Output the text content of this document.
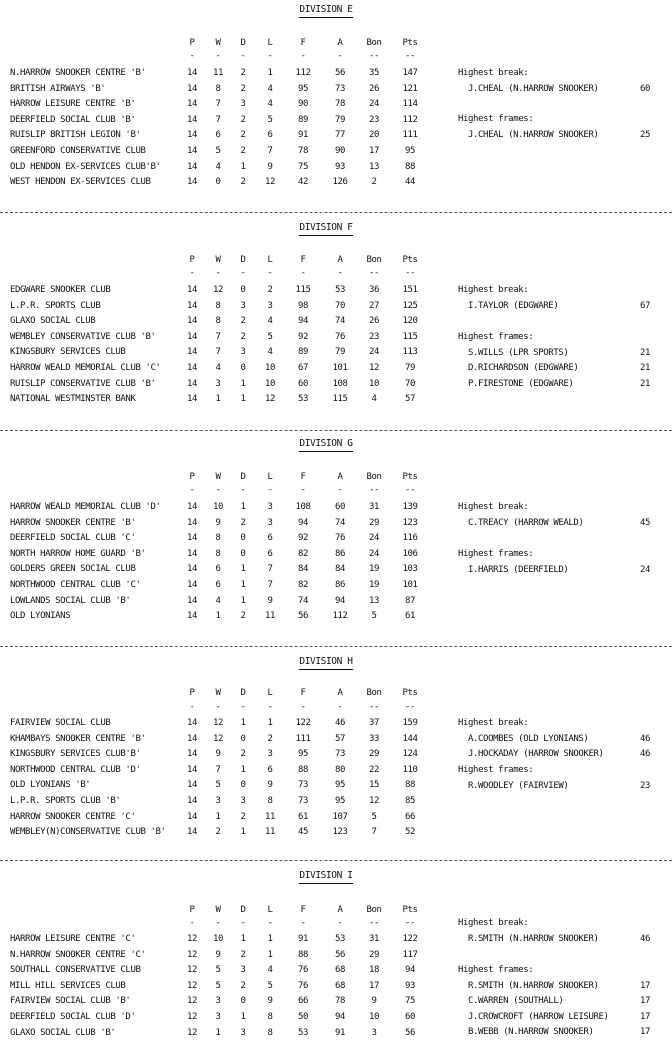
DIVISION E
P	W	D	L	F	A	Bon	Pts
-	-	-	-	-	-	--	--
N.HARROW SNOOKER CENTRE 'B'	14	11	2	1	112	56	35	147
BRITISH AIRWAYS 'B'	14	8	2	4	95	73	26	121
HARROW LEISURE CENTRE 'B'	14	7	3	4	90	78	24	114
DEERFIELD SOCIAL CLUB 'B'	14	7	2	5	89	79	23	112
RUISLIP BRITISH LEGION 'B'	14	6	2	6	91	77	20	111
GREENFORD CONSERVATIVE CLUB	14	5	2	7	78	90	17	95
OLD HENDON EX-SERVICES CLUB'B'	14	4	1	9	75	93	13	88
WEST HENDON EX-SERVICES CLUB	14	0	2	12	42	126	2	44
Highest break:
J.CHEAL (N.HARROW SNOOKER)	60
Highest frames:
J.CHEAL (N.HARROW SNOOKER)	25
DIVISION F
P	W	D	L	F	A	Bon	Pts
-	-	-	-	-	-	--	--
EDGWARE SNOOKER CLUB	14	12	0	2	115	53	36	151
L.P.R. SPORTS CLUB	14	8	3	3	98	70	27	125
GLAXO SOCIAL CLUB	14	8	2	4	94	74	26	120
WEMBLEY CONSERVATIVE CLUB 'B'	14	7	2	5	92	76	23	115
KINGSBURY SERVICES CLUB	14	7	3	4	89	79	24	113
HARROW WEALD MEMORIAL CLUB 'C'	14	4	0	10	67	101	12	79
RUISLIP CONSERVATIVE CLUB 'B'	14	3	1	10	60	108	10	70
NATIONAL WESTMINSTER BANK	14	1	1	12	53	115	4	57
Highest break:
I.TAYLOR (EDGWARE)	67
Highest frames:
S.WILLS (LPR SPORTS)	21
D.RICHARDSON (EDGWARE)	21
P.FIRESTONE (EDGWARE)	21
DIVISION G
P	W	D	L	F	A	Bon	Pts
-	-	-	-	-	-	--	--
HARROW WEALD MEMORIAL CLUB 'D'	14	10	1	3	108	60	31	139
HARROW SNOOKER CENTRE 'B'	14	9	2	3	94	74	29	123
DEERFIELD SOCIAL CLUB 'C'	14	8	0	6	92	76	24	116
NORTH HARROW HOME GUARD 'B'	14	8	0	6	82	86	24	106
GOLDERS GREEN SOCIAL CLUB	14	6	1	7	84	84	19	103
NORTHWOOD CENTRAL CLUB 'C'	14	6	1	7	82	86	19	101
LOWLANDS SOCIAL CLUB 'B'	14	4	1	9	74	94	13	87
OLD LYONIANS	14	1	2	11	56	112	5	61
Highest break:
C.TREACY (HARROW WEALD)	45
Highest frames:
I.HARRIS (DEERFIELD)	24
DIVISION H
P	W	D	L	F	A	Bon	Pts
-	-	-	-	-	-	--	--
FAIRVIEW SOCIAL CLUB	14	12	1	1	122	46	37	159
KHAMBAYS SNOOKER CENTRE 'B'	14	12	0	2	111	57	33	144
KINGSBURY SERVICES CLUB'B'	14	9	2	3	95	73	29	124
NORTHWOOD CENTRAL CLUB 'D'	14	7	1	6	88	80	22	110
OLD LYONIANS 'B'	14	5	0	9	73	95	15	88
L.P.R. SPORTS CLUB 'B'	14	3	3	8	73	95	12	85
HARROW SNOOKER CENTRE 'C'	14	1	2	11	61	107	5	66
WEMBLEY(N)CONSERVATIVE CLUB 'B'	14	2	1	11	45	123	7	52
Highest break:
A.COOMBES (OLD LYONIANS)	46
J.HOCKADAY (HARROW SNOOKER)	46
Highest frames:
R.WOODLEY (FAIRVIEW)	23
DIVISION I
P	W	D	L	F	A	Bon	Pts
-	-	-	-	-	-	--	--
HARROW LEISURE CENTRE 'C'	12	10	1	1	91	53	31	122
N.HARROW SNOOKER CENTRE 'C'	12	9	2	1	88	56	29	117
SOUTHALL CONSERVATIVE CLUB	12	5	3	4	76	68	18	94
MILL HILL SERVICES CLUB	12	5	2	5	76	68	17	93
FAIRVIEW SOCIAL CLUB 'B'	12	3	0	9	66	78	9	75
DEERFIELD SOCIAL CLUB 'D'	12	3	1	8	50	94	10	60
GLAXO SOCIAL CLUB 'B'	12	1	3	8	53	91	3	56
Highest break:
R.SMITH (N.HARROW SNOOKER)	46
Highest frames:
R.SMITH (N.HARROW SNOOKER)	17
C.WARREN (SOUTHALL)	17
J.CROWCROFT (HARROW LEISURE)	17
B.WEBB (N.HARROW SNOOKER)	17
